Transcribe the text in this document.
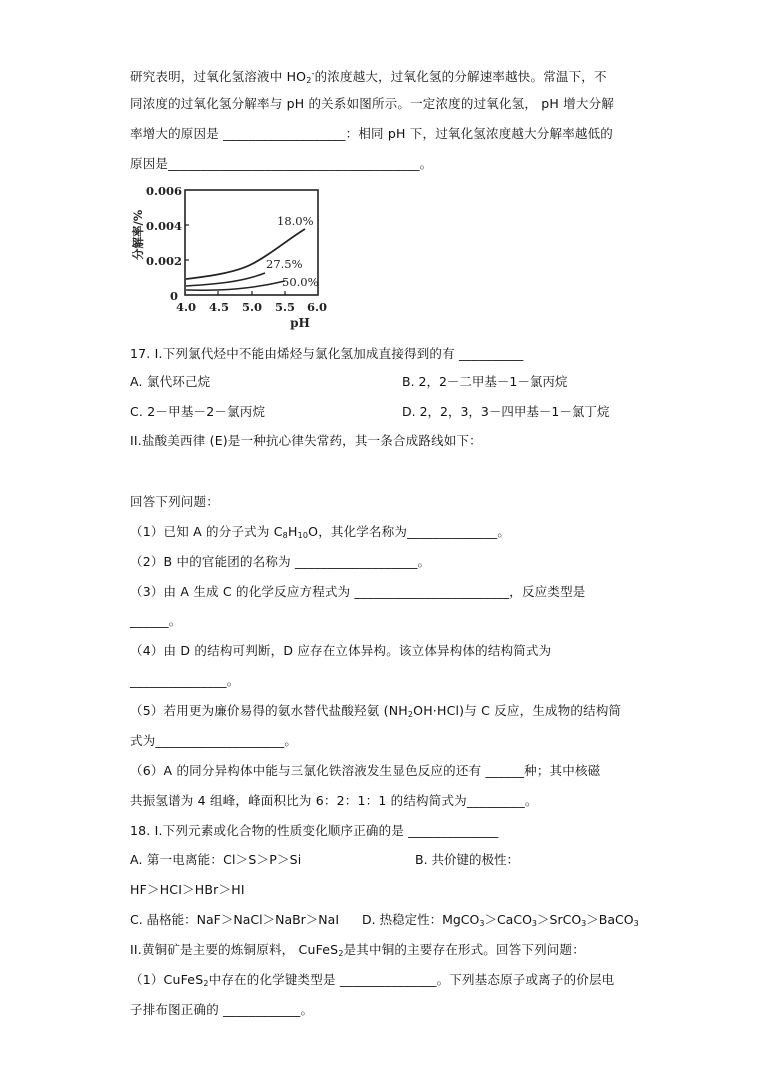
研究表明，过氧化氢溶液中 $HO_2^-$的浓度越大，过氧化氢的分解速率越快。常温下，不
同浓度的过氧化氢分解率与 pH 的关系如图所示。一定浓度的过氧化氢， pH 增大分解
率增大的原因是 ___________________：相同 pH 下，过氧化氢浓度越大分解率越低的
原因是_______________________________________。
0.006
0.004
0.002
0
4.0 4.5 5.0 5.5 6.0
pH
分解率/%	18.0%
27.5%
50.0%
17. I.下列氯代烃中不能由烯烃与氯化氢加成直接得到的有 __________
A. 氯代环己烷	B. 2，2－二甲基－1－氯丙烷
C. 2－甲基－2－氯丙烷	D. 2，2，3，3－四甲基－1－氯丁烷
II.盐酸美西律 (E)是一种抗心律失常药，其一条合成路线如下：
回答下列问题：
（1）已知 A 的分子式为 $C_8H_{10}O$，其化学名称为______________。
（2）B 中的官能团的名称为 ___________________。
（3）由 A 生成 C 的化学反应方程式为 ________________________，反应类型是
______。
（4）由 D 的结构可判断，D 应存在立体异构。该立体异构体的结构简式为
_______________。
（5）若用更为廉价易得的氨水替代盐酸羟氨 $(NH_2OH\cdot HCl)$与 C 反应，生成物的结构简
式为____________________。
（6）A 的同分异构体中能与三氯化铁溶液发生显色反应的还有 ______种；其中核磁
共振氢谱为 4 组峰，峰面积比为 6：2：1：1 的结构简式为_________。
18. I.下列元素或化合物的性质变化顺序正确的是 ______________
A. 第一电离能：Cl＞S＞P＞Si	B. 共价键的极性：
HF＞HCI＞HBr＞HI
C. 晶格能：NaF＞NaCl＞NaBr＞NaI D. 热稳定性：MgCO$_3$＞CaCO$_3$＞SrCO$_3$＞BaCO$_3$
II.黄铜矿是主要的炼铜原料， CuFeS$_2$是其中铜的主要存在形式。回答下列问题：
（1）CuFeS$_2$中存在的化学键类型是 _______________。下列基态原子或离子的价层电
子排布图正确的 ____________。
